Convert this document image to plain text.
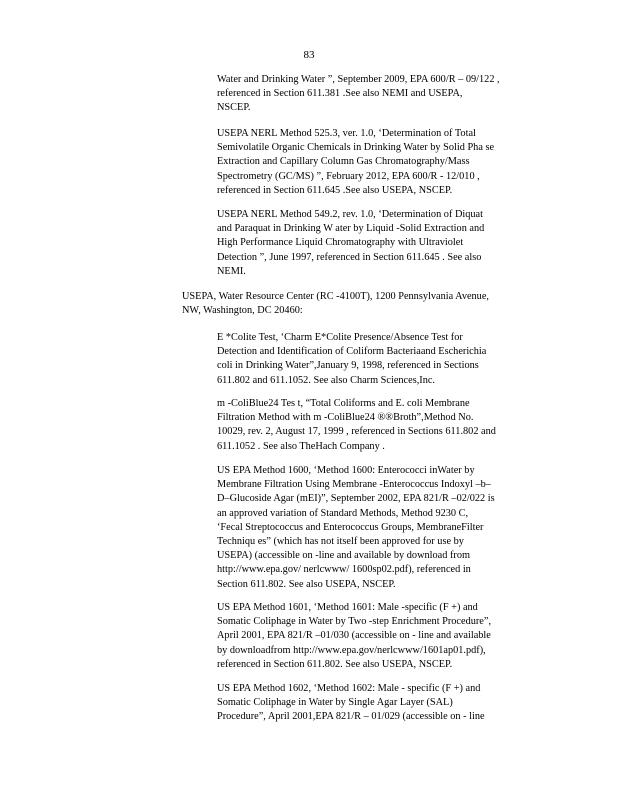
83
Water and Drinking Water ”, September 2009, EPA 600/R – 09/122 ,
referenced in Section 611.381 .See also NEMI and USEPA,
NSCEP.
USEPA NERL Method 525.3, ver. 1.0, ‘Determination of Total
Semivolatile Organic Chemicals in Drinking Water by Solid Pha se
Extraction and Capillary Column Gas Chromatography/Mass
Spectrometry (GC/MS) ”, February 2012, EPA 600/R - 12/010 ,
referenced in Section 611.645 .See also USEPA, NSCEP.
USEPA NERL Method 549.2, rev. 1.0, ‘Determination of Diquat
and Paraquat in Drinking W ater by Liquid -Solid Extraction and
High Performance Liquid Chromatography with Ultraviolet
Detection ”, June 1997, referenced in Section 611.645 . See also
NEMI.
USEPA, Water Resource Center (RC -4100T), 1200 Pennsylvania Avenue,
NW, Washington, DC 20460:
E *Colite Test, ‘Charm E*Colite Presence/Absence Test for
Detection and Identification of Coliform Bacteriaand Escherichia
coli in Drinking Water”,January 9, 1998, referenced in Sections
611.802 and 611.1052. See also Charm Sciences,Inc.
m -ColiBlue24 Tes t, “Total Coliforms and E. coli Membrane
Filtration Method with m -ColiBlue24 ®®Broth”,Method No.
10029, rev. 2, August 17, 1999 , referenced in Sections 611.802 and
611.1052 . See also TheHach Company .
US EPA Method 1600, ‘Method 1600: Enterococci inWater by
Membrane Filtration Using Membrane -Enterococcus Indoxyl –b–
D–Glucoside Agar (mEI)”, September 2002, EPA 821/R –02/022 is
an approved variation of Standard Methods, Method 9230 C,
‘Fecal Streptococcus and Enterococcus Groups, MembraneFilter
Techniqu es” (which has not itself been approved for use by
USEPA) (accessible on -line and available by download from
http://www.epa.gov/ nerlcwww/ 1600sp02.pdf), referenced in
Section 611.802. See also USEPA, NSCEP.
US EPA Method 1601, ‘Method 1601: Male -specific (F +) and
Somatic Coliphage in Water by Two -step Enrichment Procedure”,
April 2001, EPA 821/R –01/030 (accessible on - line and available
by downloadfrom http://www.epa.gov/nerlcwww/1601ap01.pdf),
referenced in Section 611.802. See also USEPA, NSCEP.
US EPA Method 1602, ‘Method 1602: Male - specific (F +) and
Somatic Coliphage in Water by Single Agar Layer (SAL)
Procedure”, April 2001,EPA 821/R – 01/029 (accessible on - line
